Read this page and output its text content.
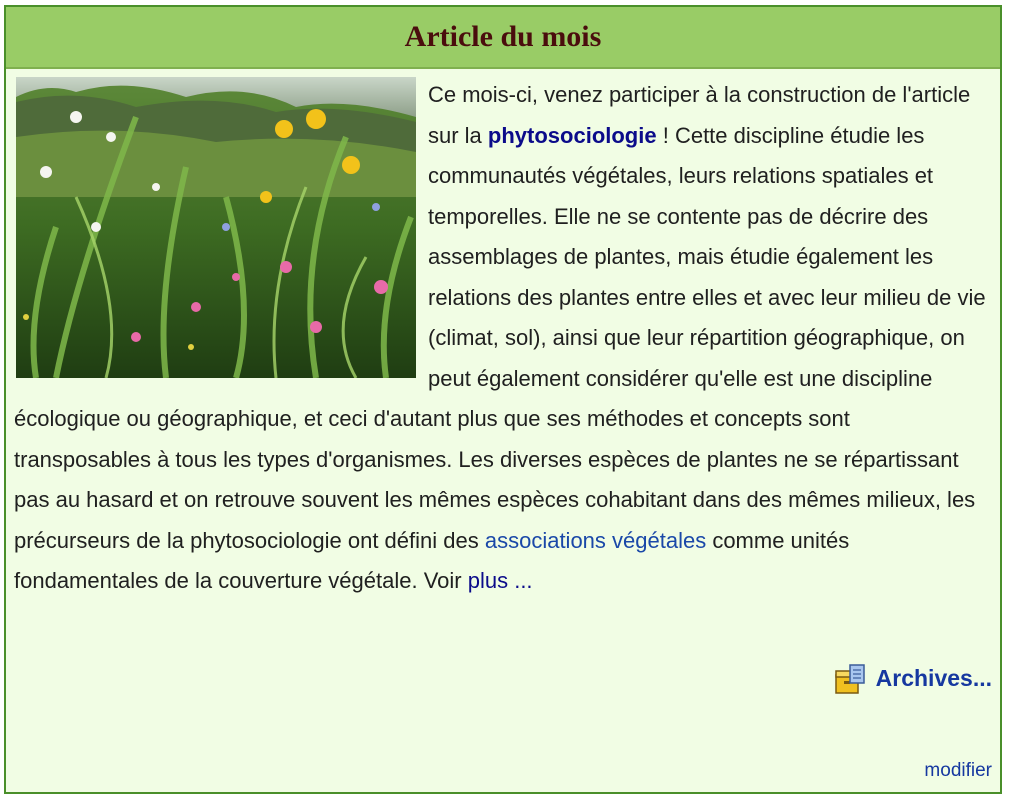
Article du mois
Ce mois-ci, venez participer à la construction de l'article sur la phytosociologie ! Cette discipline étudie les communautés végétales, leurs relations spatiales et temporelles. Elle ne se contente pas de décrire des assemblages de plantes, mais étudie également les relations des plantes entre elles et avec leur milieu de vie (climat, sol), ainsi que leur répartition géographique, on peut également considérer qu'elle est une discipline écologique ou géographique, et ceci d'autant plus que ses méthodes et concepts sont transposables à tous les types d'organismes. Les diverses espèces de plantes ne se répartissant pas au hasard et on retrouve souvent les mêmes espèces cohabitant dans des mêmes milieux, les précurseurs de la phytosociologie ont défini des associations végétales comme unités fondamentales de la couverture végétale. Voir plus ...
Archives...
modifier
